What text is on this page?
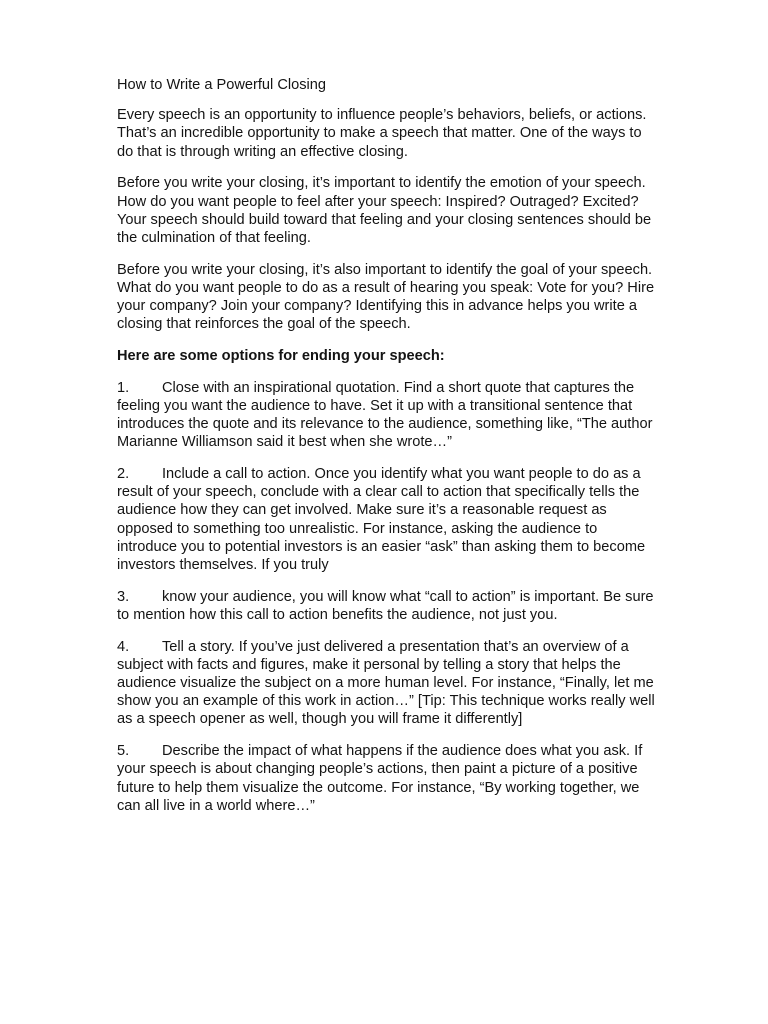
How to Write a Powerful Closing

Every speech is an opportunity to influence people’s behaviors, beliefs, or actions. That’s an incredible opportunity to make a speech that matter. One of the ways to do that is through writing an effective closing.

Before you write your closing, it’s important to identify the emotion of your speech. How do you want people to feel after your speech: Inspired? Outraged? Excited? Your speech should build toward that feeling and your closing sentences should be the culmination of that feeling.

Before you write your closing, it’s also important to identify the goal of your speech. What do you want people to do as a result of hearing you speak: Vote for you? Hire your company? Join your company? Identifying this in advance helps you write a closing that reinforces the goal of the speech.

Here are some options for ending your speech:
1. Close with an inspirational quotation. Find a short quote that captures the feeling you want the audience to have. Set it up with a transitional sentence that introduces the quote and its relevance to the audience, something like, “The author Marianne Williamson said it best when she wrote…”
2. Include a call to action. Once you identify what you want people to do as a result of your speech, conclude with a clear call to action that specifically tells the audience how they can get involved. Make sure it’s a reasonable request as opposed to something too unrealistic. For instance, asking the audience to introduce you to potential investors is an easier “ask” than asking them to become investors themselves. If you truly
3. know your audience, you will know what “call to action” is important. Be sure to mention how this call to action benefits the audience, not just you.
4. Tell a story. If you’ve just delivered a presentation that’s an overview of a subject with facts and figures, make it personal by telling a story that helps the audience visualize the subject on a more human level. For instance, “Finally, let me show you an example of this work in action…” [Tip: This technique works really well as a speech opener as well, though you will frame it differently]
5. Describe the impact of what happens if the audience does what you ask. If your speech is about changing people’s actions, then paint a picture of a positive future to help them visualize the outcome. For instance, “By working together, we can all live in a world where…”
